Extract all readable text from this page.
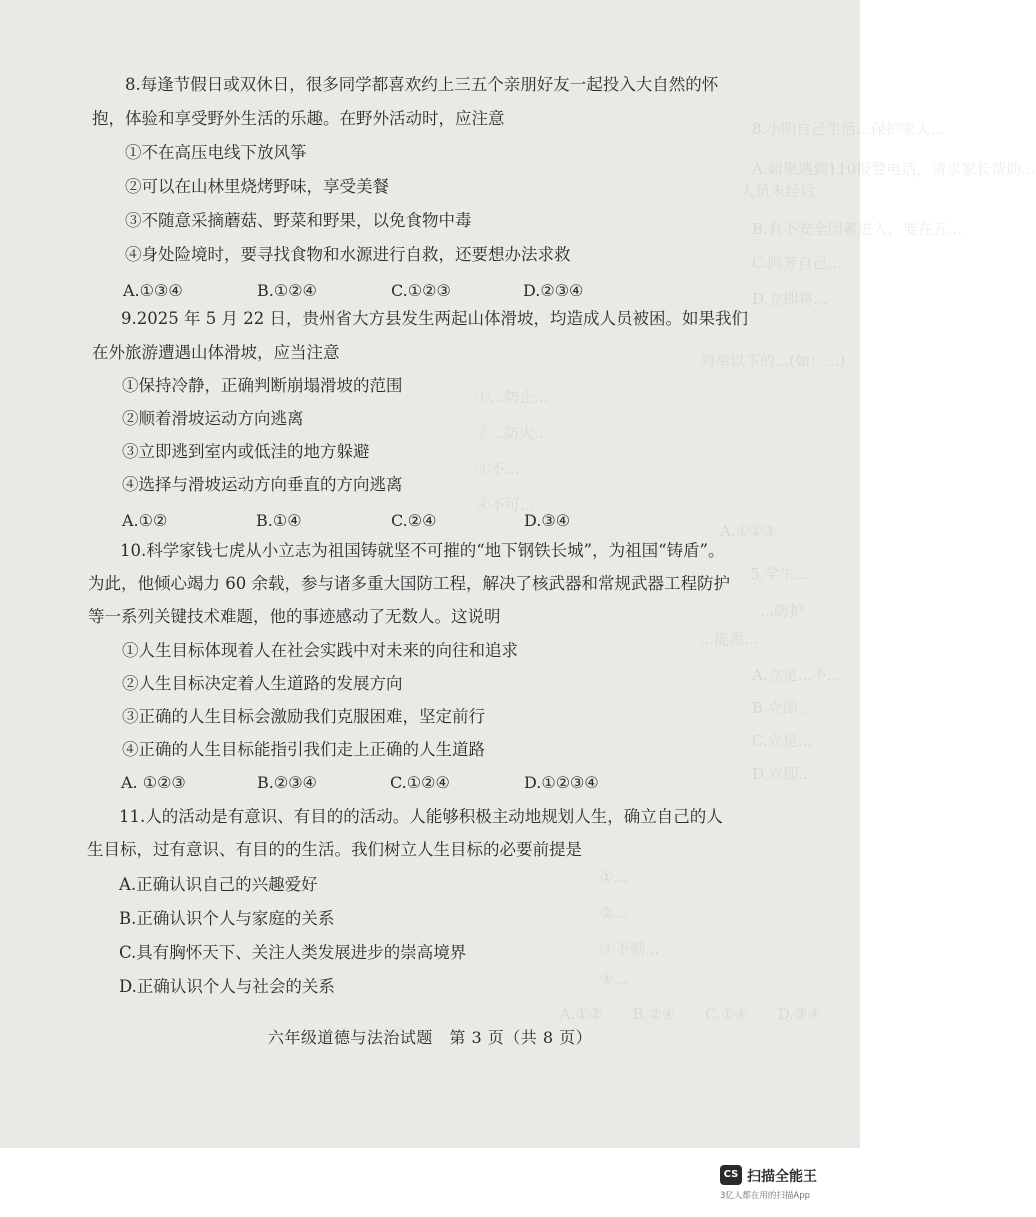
8.小明自己生活...保护家人...
A.如果遇到110报警电话，请求家长帮助...
人员未经后
B.有不安全因素进入，要在五...
C.阿芳自己...
D.立即将...
列举以下的...(如：...)
①...防止...
②...防火...
③不...
④不可...
A.①②③
5.学生...
...防护
...能源...
A.立足...不...
B.立即...
C.立足...
D.立即...
①...
②...
③不顺...
④...
A.①②　　B.②④　　C.①④　　D.③④
8.每逢节假日或双休日，很多同学都喜欢约上三五个亲朋好友一起投入大自然的怀
抱，体验和享受野外生活的乐趣。在野外活动时，应注意
①不在高压电线下放风筝
②可以在山林里烧烤野味，享受美餐
③不随意采摘蘑菇、野菜和野果，以免食物中毒
④身处险境时，要寻找食物和水源进行自救，还要想办法求救
A.①③④	B.①②④	C.①②③	D.②③④
9.2025 年 5 月 22 日，贵州省大方县发生两起山体滑坡，均造成人员被困。如果我们
在外旅游遭遇山体滑坡，应当注意
①保持冷静，正确判断崩塌滑坡的范围
②顺着滑坡运动方向逃离
③立即逃到室内或低洼的地方躲避
④选择与滑坡运动方向垂直的方向逃离
A.①②	B.①④	C.②④	D.③④
10.科学家钱七虎从小立志为祖国铸就坚不可摧的“地下钢铁长城”，为祖国“铸盾”。
为此，他倾心竭力 60 余载，参与诸多重大国防工程，解决了核武器和常规武器工程防护
等一系列关键技术难题，他的事迹感动了无数人。这说明
①人生目标体现着人在社会实践中对未来的向往和追求
②人生目标决定着人生道路的发展方向
③正确的人生目标会激励我们克服困难，坚定前行
④正确的人生目标能指引我们走上正确的人生道路
A. ①②③	B.②③④	C.①②④	D.①②③④
11.人的活动是有意识、有目的的活动。人能够积极主动地规划人生，确立自己的人
生目标，过有意识、有目的的生活。我们树立人生目标的必要前提是
A.正确认识自己的兴趣爱好
B.正确认识个人与家庭的关系
C.具有胸怀天下、关注人类发展进步的崇高境界
D.正确认识个人与社会的关系
六年级道德与法治试题　第 3 页（共 8 页）
CS 扫描全能王
3亿人都在用的扫描App
